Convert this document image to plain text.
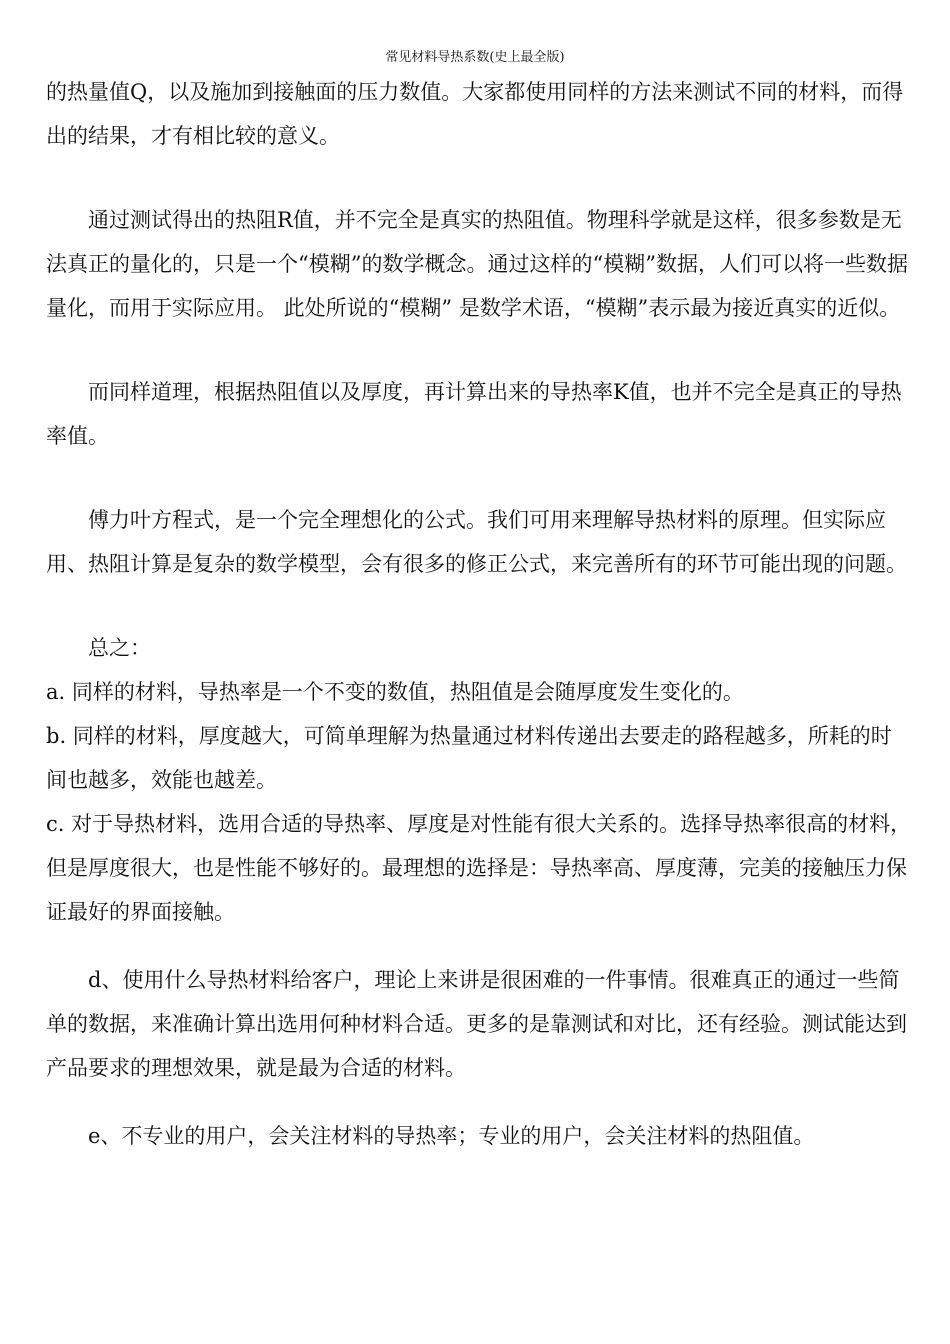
常见材料导热系数(史上最全版)

的热量值Q，以及施加到接触面的压力数值。大家都使用同样的方法来测试不同的材料，而得出的结果，才有相比较的意义。

通过测试得出的热阻R值，并不完全是真实的热阻值。物理科学就是这样，很多参数是无法真正的量化的，只是一个“模糊”的数学概念。通过这样的“模糊”数据，人们可以将一些数据量化，而用于实际应用。 此处所说的“模糊” 是数学术语，“模糊”表示最为接近真实的近似。

而同样道理，根据热阻值以及厚度，再计算出来的导热率K值，也并不完全是真正的导热率值。

傅力叶方程式，是一个完全理想化的公式。我们可用来理解导热材料的原理。但实际应用、热阻计算是复杂的数学模型，会有很多的修正公式，来完善所有的环节可能出现的问题。

总之：

a. 同样的材料，导热率是一个不变的数值，热阻值是会随厚度发生变化的。

b. 同样的材料，厚度越大，可简单理解为热量通过材料传递出去要走的路程越多，所耗的时间也越多，效能也越差。

c. 对于导热材料，选用合适的导热率、厚度是对性能有很大关系的。选择导热率很高的材料，但是厚度很大，也是性能不够好的。最理想的选择是：导热率高、厚度薄，完美的接触压力保证最好的界面接触。

d、使用什么导热材料给客户，理论上来讲是很困难的一件事情。很难真正的通过一些简单的数据，来准确计算出选用何种材料合适。更多的是靠测试和对比，还有经验。测试能达到产品要求的理想效果，就是最为合适的材料。

e、不专业的用户，会关注材料的导热率；专业的用户，会关注材料的热阻值。
